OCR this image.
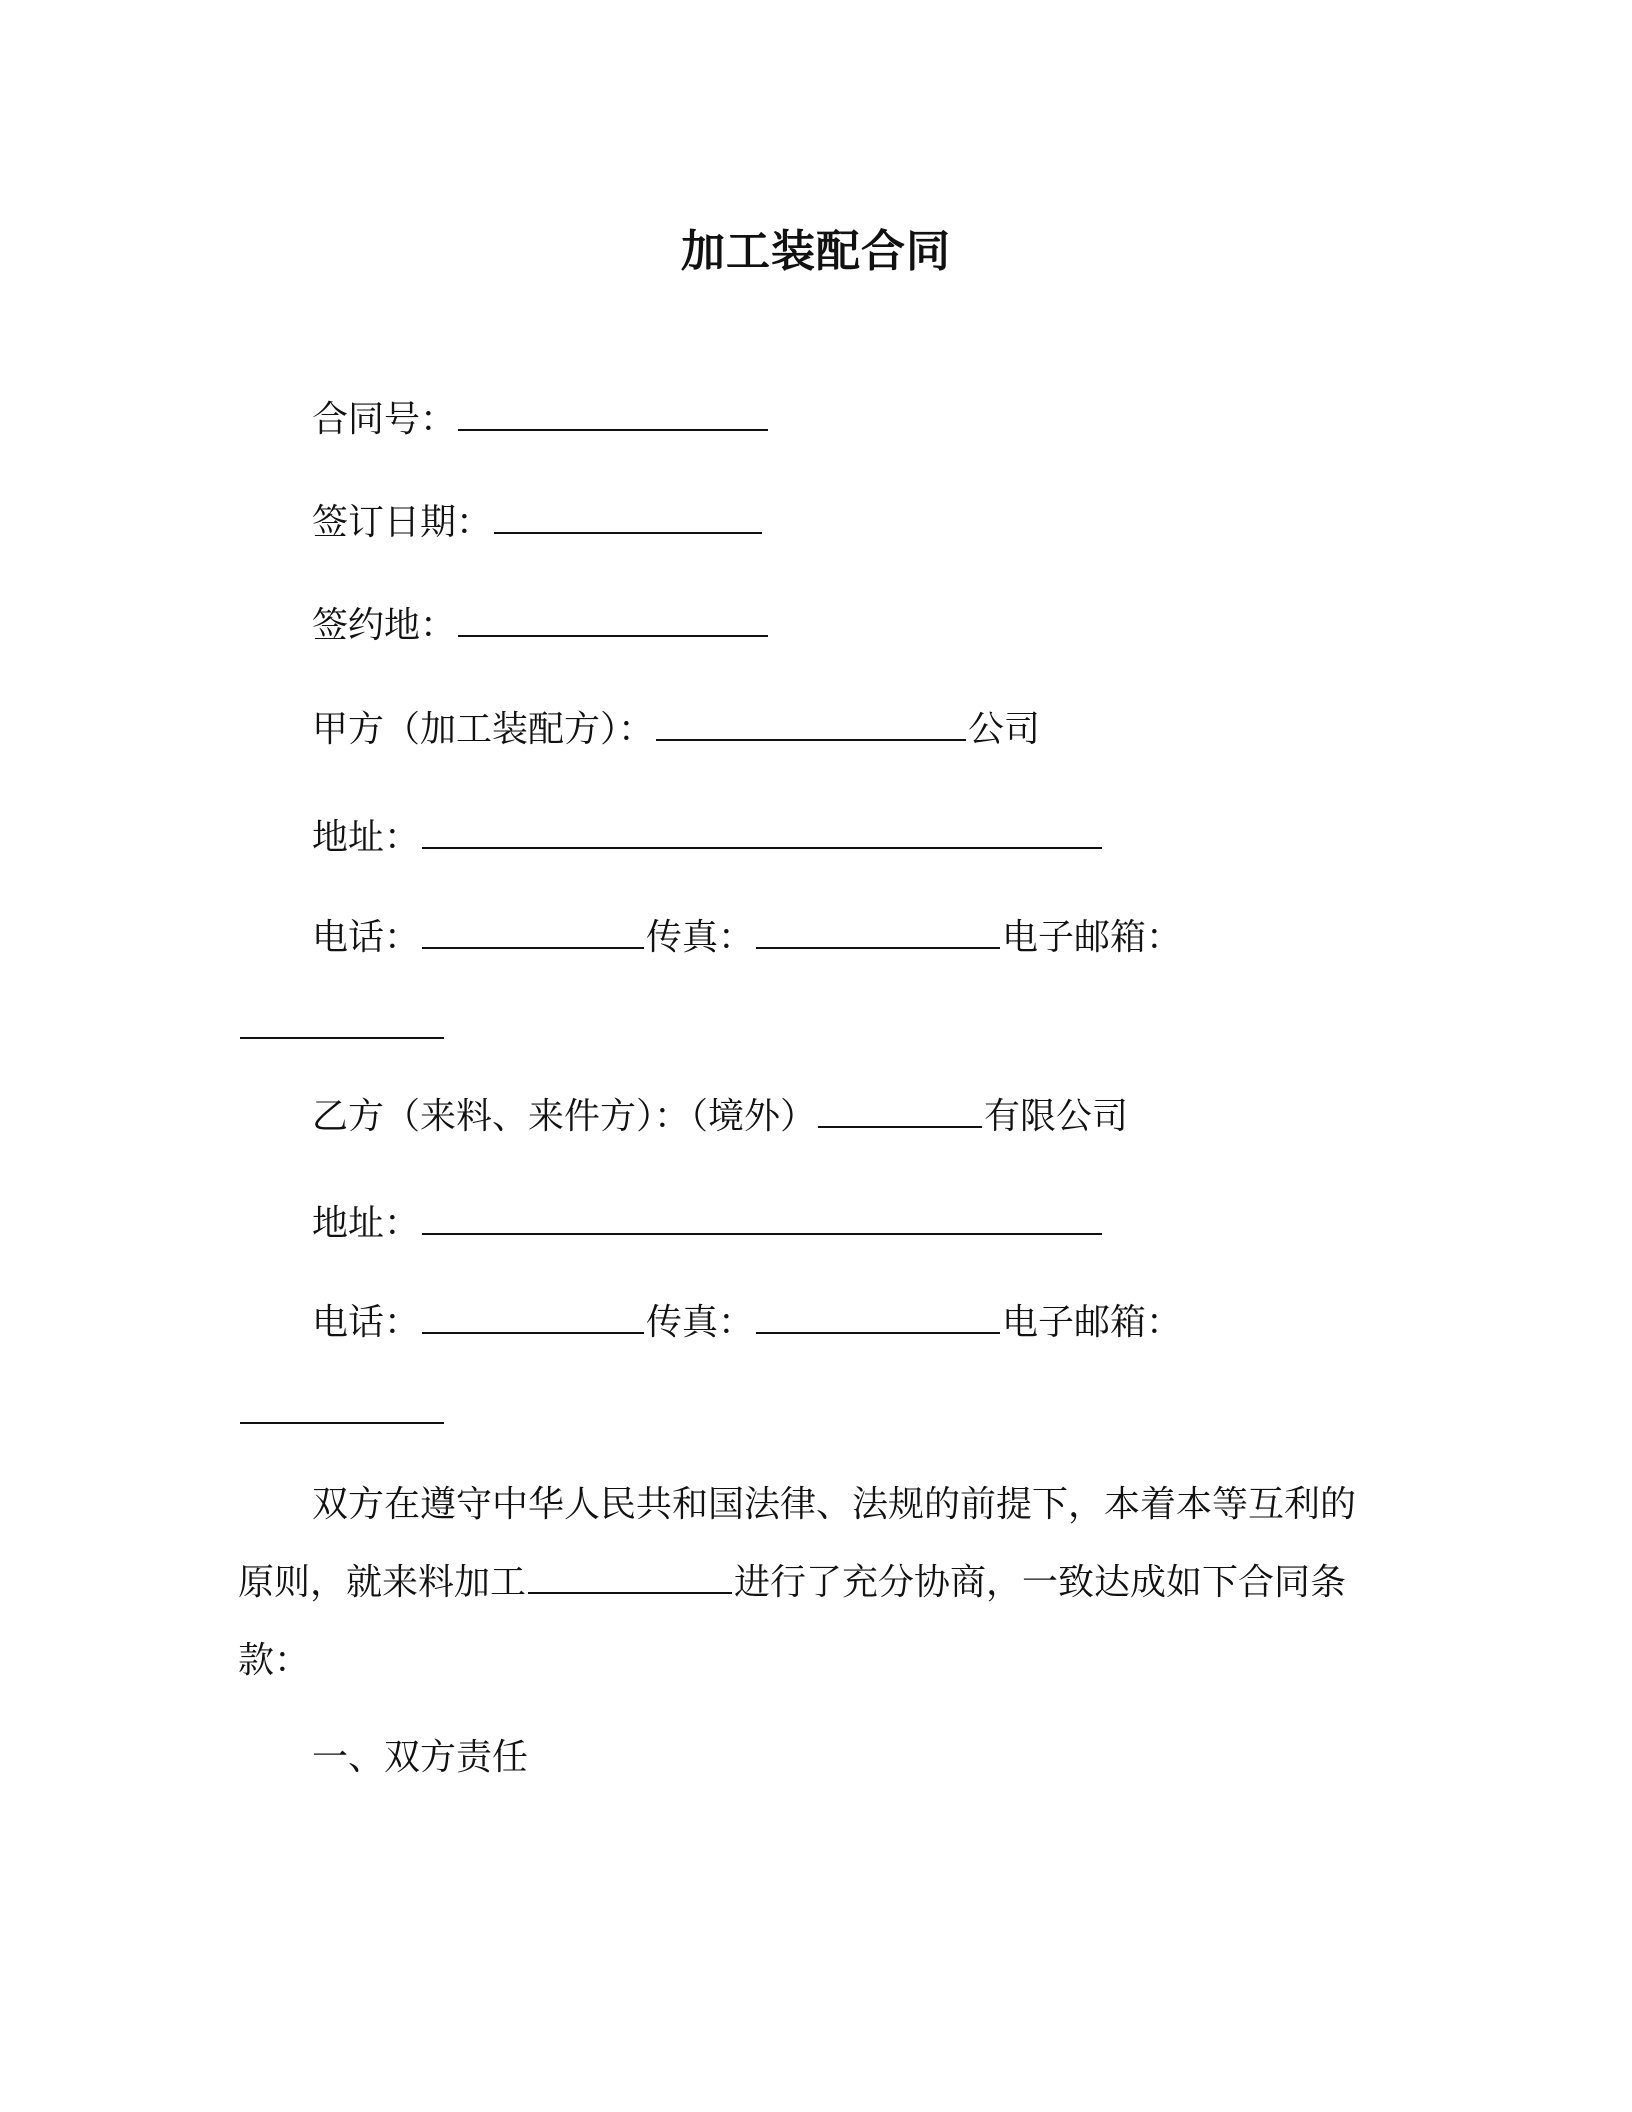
加工装配合同
合同号：
签订日期：
签约地：
甲方（加工装配方）：	公司
地址：
电话：	传真：	电子邮箱：
乙方（来料、来件方）：（境外）	有限公司
地址：
电话：	传真：	电子邮箱：
双方在遵守中华人民共和国法律、法规的前提下，本着本等互利的原则，就来料加工	进行了充分协商，一致达成如下合同条款：
一、双方责任
